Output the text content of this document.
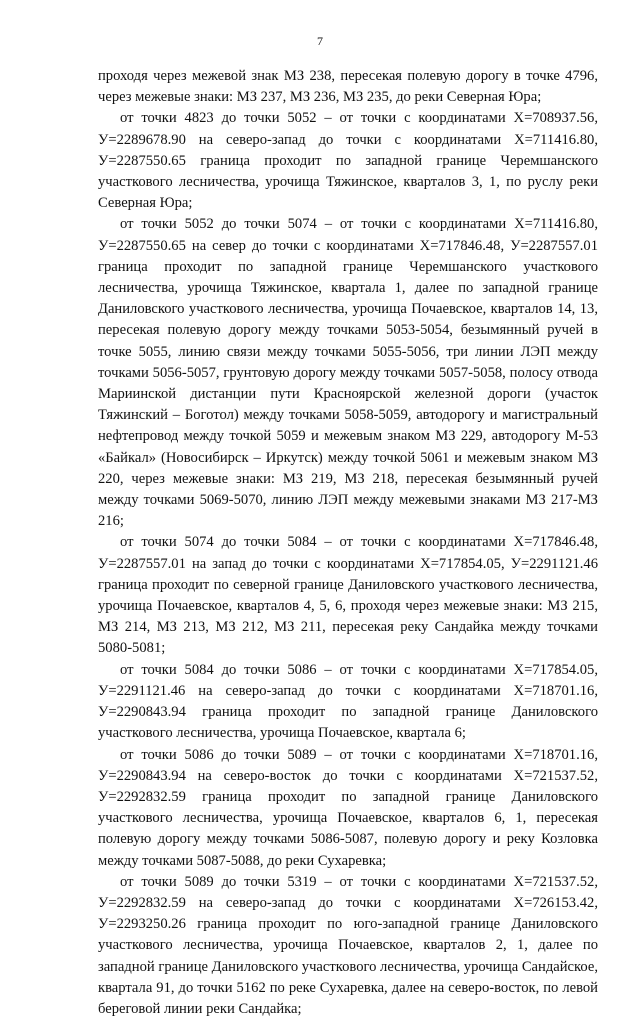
7

проходя через межевой знак МЗ 238, пересекая полевую дорогу в точке 4796, через межевые знаки: МЗ 237, МЗ 236, МЗ 235, до реки Северная Юра;

от точки 4823 до точки 5052 – от точки с координатами Х=708937.56, У=2289678.90 на северо-запад до точки с координатами Х=711416.80, У=2287550.65 граница проходит по западной границе Черемшанского участкового лесничества, урочища Тяжинское, кварталов 3, 1, по руслу реки Северная Юра;

от точки 5052 до точки 5074 – от точки с координатами Х=711416.80, У=2287550.65 на север до точки с координатами Х=717846.48, У=2287557.01 граница проходит по западной границе Черемшанского участкового лесничества, урочища Тяжинское, квартала 1, далее по западной границе Даниловского участкового лесничества, урочища Почаевское, кварталов 14, 13, пересекая полевую дорогу между точками 5053-5054, безымянный ручей в точке 5055, линию связи между точками 5055-5056, три линии ЛЭП между точками 5056-5057, грунтовую дорогу между точками 5057-5058, полосу отвода Мариинской дистанции пути Красноярской железной дороги (участок Тяжинский – Боготол) между точками 5058-5059, автодорогу и магистральный нефтепровод между точкой 5059 и межевым знаком МЗ 229, автодорогу М-53 «Байкал» (Новосибирск – Иркутск) между точкой 5061 и межевым знаком МЗ 220, через межевые знаки: МЗ 219, МЗ 218, пересекая безымянный ручей между точками 5069-5070, линию ЛЭП между межевыми знаками МЗ 217-МЗ 216;

от точки 5074 до точки 5084 – от точки с координатами Х=717846.48, У=2287557.01 на запад до точки с координатами Х=717854.05, У=2291121.46 граница проходит по северной границе Даниловского участкового лесничества, урочища Почаевское, кварталов 4, 5, 6, проходя через межевые знаки: МЗ 215, МЗ 214, МЗ 213, МЗ 212, МЗ 211, пересекая реку Сандайка между точками 5080-5081;

от точки 5084 до точки 5086 – от точки с координатами Х=717854.05, У=2291121.46 на северо-запад до точки с координатами Х=718701.16, У=2290843.94 граница проходит по западной границе Даниловского участкового лесничества, урочища Почаевское, квартала 6;

от точки 5086 до точки 5089 – от точки с координатами Х=718701.16, У=2290843.94 на северо-восток до точки с координатами Х=721537.52, У=2292832.59 граница проходит по западной границе Даниловского участкового лесничества, урочища Почаевское, кварталов 6, 1, пересекая полевую дорогу между точками 5086-5087, полевую дорогу и реку Козловка между точками 5087-5088, до реки Сухаревка;

от точки 5089 до точки 5319 – от точки с координатами Х=721537.52, У=2292832.59 на северо-запад до точки с координатами Х=726153.42, У=2293250.26 граница проходит по юго-западной границе Даниловского участкового лесничества, урочища Почаевское, кварталов 2, 1, далее по западной границе Даниловского участкового лесничества, урочища Сандайское, квартала 91, до точки 5162 по реке Сухаревка, далее на северо-восток, по левой береговой линии реки Сандайка;
